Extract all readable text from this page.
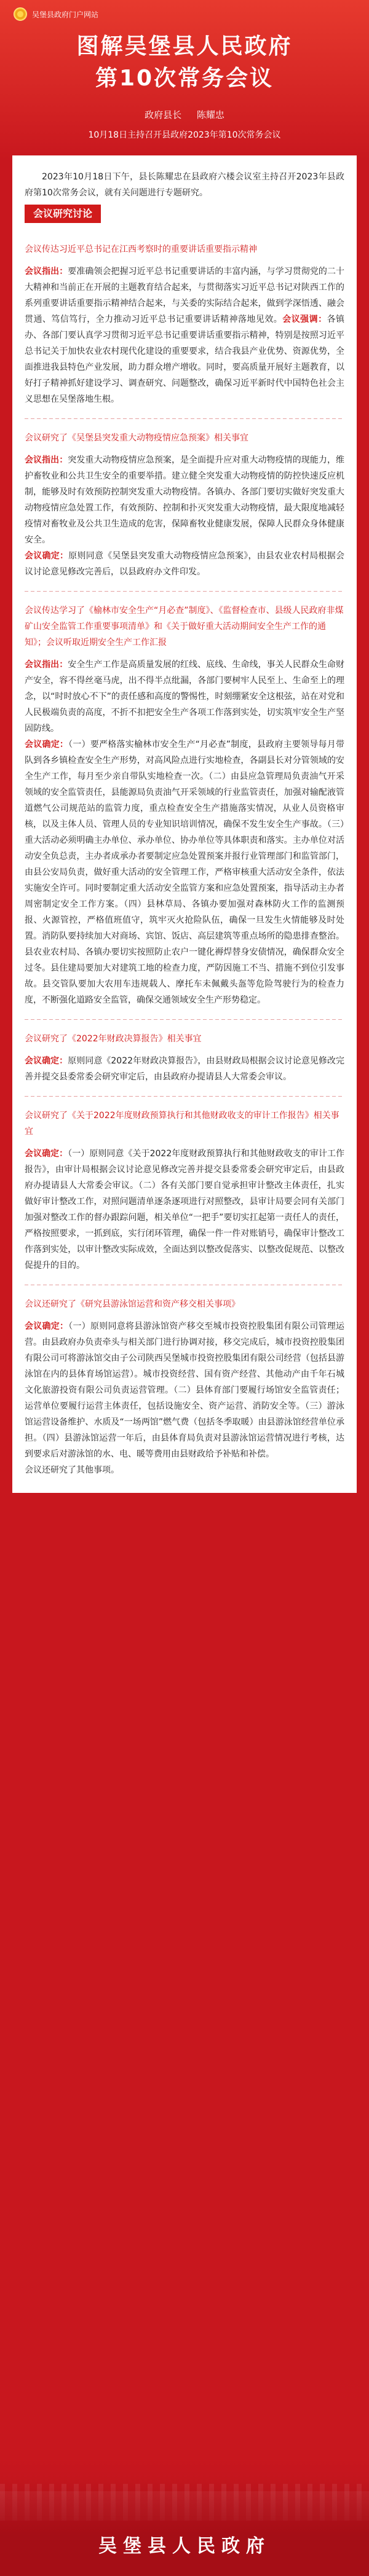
吴堡县政府门户网站
图解吴堡县人民政府
第10次常务会议
政府县长 陈耀忠
10月18日主持召开县政府2023年第10次常务会议

2023年10月18日下午，县长陈耀忠在县政府六楼会议室主持召开2023年县政府第10次常务会议，就有关问题进行专题研究。

会议研究讨论

会议传达习近平总书记在江西考察时的重要讲话重要指示精神

会议指出：要准确领会把握习近平总书记重要讲话的丰富内涵，与学习贯彻党的二十大精神和当前正在开展的主题教育结合起来，与贯彻落实习近平总书记对陕西工作的系列重要讲话重要指示精神结合起来，与关委的实际结合起来，做到学深悟透、融会贯通、笃信笃行，全力推动习近平总书记重要讲话精神落地见效。会议强调：各镇办、各部门要认真学习贯彻习近平总书记重要讲话重要指示精神，特别是按照习近平总书记关于加快农业农村现代化建设的重要要求，结合我县产业优势、资源优势，全面推进我县特色产业发展，助力群众增产增收。同时，要高质量开展好主题教育，以好打子精神抓好建设学习、调查研究、问题整改，确保习近平新时代中国特色社会主义思想在吴堡落地生根。

会议研究了《吴堡县突发重大动物疫情应急预案》相关事宜

会议指出：突发重大动物疫情应急预案，是全面提升应对重大动物疫情的现能力，维护畜牧业和公共卫生安全的重要举措。建立健全突发重大动物疫情的防控快速反应机制，能够及时有效预防控制突发重大动物疫情。各镇办、各部门要切实做好突发重大动物疫情应急处置工作，有效预防、控制和扑灭突发重大动物疫情，最大限度地减轻疫情对畜牧业及公共卫生造成的危害，保障畜牧业健康发展，保障人民群众身体健康安全。

会议确定：原则同意《吴堡县突发重大动物疫情应急预案》，由县农业农村局根据会议讨论意见修改完善后，以县政府办文件印发。

会议传达学习了《榆林市安全生产“月必查”制度》、《监督检查市、县级人民政府非煤矿山安全监管工作重要事项清单》和《关于做好重大活动期间安全生产工作的通知》；会议听取近期安全生产工作汇报

会议指出：安全生产工作是高质量发展的红线、底线、生命线，事关人民群众生命财产安全，容不得丝毫马虎，出不得半点纰漏，各部门要树牢人民至上、生命至上的理念，以“时时放心不下”的责任感和高度的警惕性，时刻绷紧安全这根弦，站在对党和人民极端负责的高度，不折不扣把安全生产各项工作落到实处，切实筑牢安全生产坚固防线。

会议确定：（一）要严格落实榆林市安全生产“月必查”制度，县政府主要领导每月带队到各乡镇检查安全生产形势，对高风险点进行实地检查，各副县长对分管领域的安全生产工作，每月至少亲自带队实地检查一次。（二）由县应急管理局负责油气开采领域的安全监管责任，县能源局负责油气开采领域的行业监管责任，加强对输配液管道燃气公司规范站的监管力度，重点检查安全生产措施落实情况，从业人员资格审核，以及主体人员、管理人员的专业知识培训情况，确保不发生安全生产事故。（三）重大活动必须明确主办单位、承办单位、协办单位等具体职责和落实。主办单位对活动安全负总责，主办者成承办者要制定应急处置预案并报行业管理部门和监管部门，由县公安局负责，做好重大活动的安全管理工作，严格审核重大活动安全条件，依法实施安全许可。同时要制定重大活动安全监管方案和应急处置预案，指导活动主办者周密制定安全工作方案。（四）县林草局、各镇办要加强对森林防火工作的监测预报、火源管控，严格值班值守，筑牢灭火抢险队伍，确保一旦发生火情能够及时处置。消防队要持续加大对商场、宾馆、饭店、高层建筑等重点场所的隐患排查整治。县农业农村局、各镇办要切实按照防止农户一键化褥焊替身安债情况，确保群众安全过冬。县住建局要加大对建筑工地的检查力度，严防因施工不当、措施不到位引发事故。县交管队要加大农用车违规载人、摩托车未佩戴头盔等危险驾驶行为的检查力度，不断强化道路安全监管，确保交通领域安全生产形势稳定。

会议研究了《2022年财政决算报告》相关事宜

会议确定：原则同意《2022年财政决算报告》，由县财政局根据会议讨论意见修改完善并提交县委常委会研究审定后，由县政府办提请县人大常委会审议。

会议研究了《关于2022年度财政预算执行和其他财政收支的审计工作报告》相关事宜

会议确定：（一）原则同意《关于2022年度财政预算执行和其他财政收支的审计工作报告》，由审计局根据会议讨论意见修改完善并提交县委常委会研究审定后，由县政府办提请县人大常委会审议。（二）各有关部门要自觉承担审计整改主体责任，扎实做好审计整改工作，对照问题清单逐条逐项进行对照整改，县审计局要会同有关部门加强对整改工作的督办跟踪问题，相关单位“一把手”要切实扛起第一责任人的责任，严格按照要求，一抓到底，实行闭环管理，确保一件一件对账销号，确保审计整改工作落到实处，以审计整改实际成效，全面达到以整改促落实、以整改促规范、以整改促提升的目的。

会议还研究了《研究县游泳馆运营和资产移交相关事项》

会议确定：（一）原则同意将县游泳馆资产移交至城市投资控股集团有限公司管理运营。由县政府办负责牵头与相关部门进行协调对接，移交完成后，城市投资控股集团有限公司可将游泳馆交由子公司陕西吴堡城市投资控股集团有限公司经营（包括县游泳馆在内的县体育场馆运营）。城市投资经营、国有资产经营、其他动产由千年石城文化旅游投资有限公司负责运营管理。（二）县体育部门要履行场馆安全监管责任；运营单位要履行运营主体责任，包括设施安全、资产运营、消防安全等。（三）游泳馆运营设备维护、水质及“一场两馆”燃气费（包括冬季取暖）由县游泳馆经营单位承担。（四）县游泳馆运营一年后，由县体育局负责对县游泳馆运营情况进行考核，达到要求后对游泳馆的水、电、暖等费用由县财政给予补贴和补偿。

会议还研究了其他事项。

吴堡县人民政府
